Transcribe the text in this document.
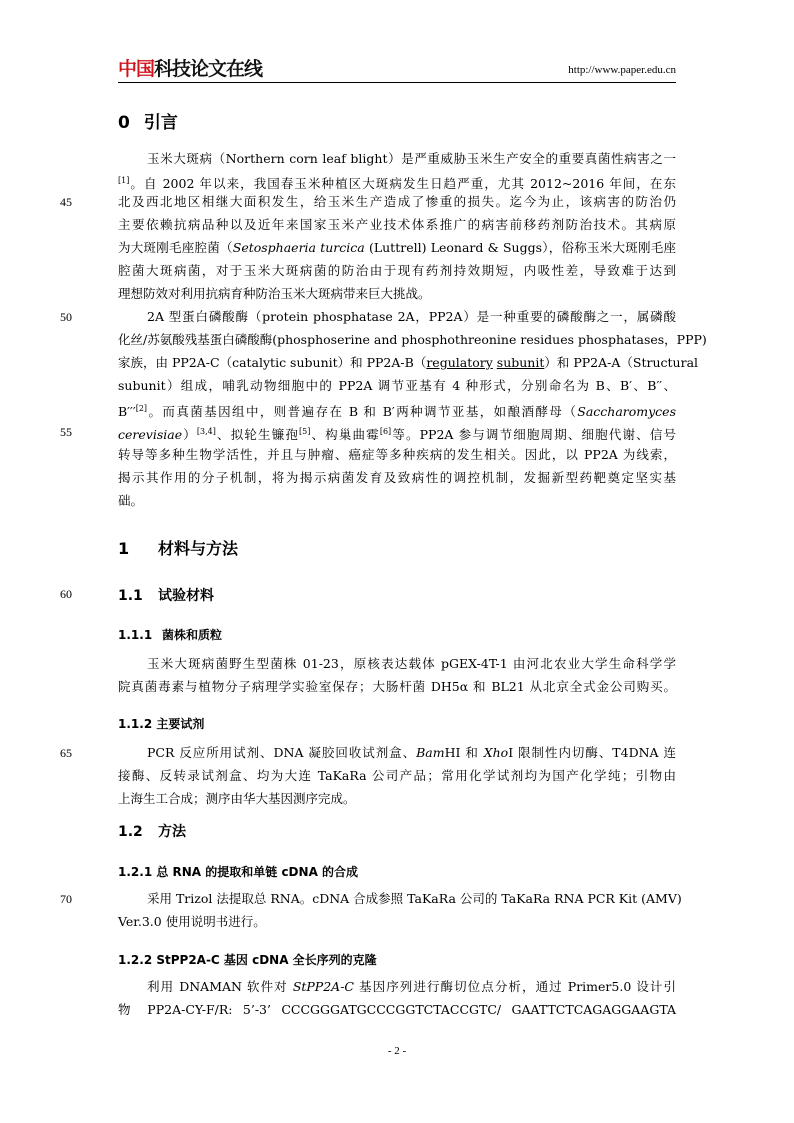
中国科技论文在线	http://www.paper.edu.cn
0 引言
玉米大斑病（Northern corn leaf blight）是严重威胁玉米生产安全的重要真菌性病害之一
[1]。自 2002 年以来，我国春玉米种植区大斑病发生日趋严重，尤其 2012~2016 年间，在东
北及西北地区相继大面积发生，给玉米生产造成了惨重的损失。迄今为止，该病害的防治仍
主要依赖抗病品种以及近年来国家玉米产业技术体系推广的病害前移药剂防治技术。其病原
为大斑刚毛座腔菌（Setosphaeria turcica (Luttrell) Leonard & Suggs），俗称玉米大斑刚毛座
腔菌大斑病菌，对于玉米大斑病菌的防治由于现有药剂持效期短，内吸性差，导致难于达到
理想防效对利用抗病育种防治玉米大斑病带来巨大挑战。
2A 型蛋白磷酸酶（protein phosphatase 2A，PP2A）是一种重要的磷酸酶之一，属磷酸
化丝/苏氨酸残基蛋白磷酸酶(phosphoserine and phosphothreonine residues phosphatases，PPP)
家族，由 PP2A-C（catalytic subunit）和 PP2A-B（regulatory subunit）和 PP2A-A（Structural
subunit）组成，哺乳动物细胞中的 PP2A 调节亚基有 4 种形式，分别命名为 B、B′、B′′、
B′′′[2]。而真菌基因组中，则普遍存在 B 和 B′两种调节亚基，如酿酒酵母（Saccharomyces
cerevisiae）[3,4]、拟轮生镰孢[5]、构巢曲霉[6]等。PP2A 参与调节细胞周期、细胞代谢、信号
转导等多种生物学活性，并且与肿瘤、癌症等多种疾病的发生相关。因此，以 PP2A 为线索，
揭示其作用的分子机制，将为揭示病菌发育及致病性的调控机制，发掘新型药靶奠定坚实基
础。
1 材料与方法
1.1 试验材料
1.1.1 菌株和质粒
玉米大斑病菌野生型菌株 01-23，原核表达载体 pGEX-4T-1 由河北农业大学生命科学学
院真菌毒素与植物分子病理学实验室保存；大肠杆菌 DH5α 和 BL21 从北京全式金公司购买。
1.1.2 主要试剂
PCR 反应所用试剂、DNA 凝胶回收试剂盒、BamHI 和 XhoI 限制性内切酶、T4DNA 连
接酶、反转录试剂盒、均为大连 TaKaRa 公司产品；常用化学试剂均为国产化学纯；引物由
上海生工合成；测序由华大基因测序完成。
1.2 方法
1.2.1 总 RNA 的提取和单链 cDNA 的合成
采用 Trizol 法提取总 RNA。cDNA 合成参照 TaKaRa 公司的 TaKaRa RNA PCR Kit (AMV)
Ver.3.0 使用说明书进行。
1.2.2 StPP2A-C 基因 cDNA 全长序列的克隆
利用 DNAMAN 软件对 StPP2A-C 基因序列进行酶切位点分析，通过 Primer5.0 设计引
物 PP2A-CY-F/R: 5’-3’ CCCGGGATGCCCGGTCTACCGTC/ GAATTCTCAGAGGAAGTA
45
50
55
60
65
70
- 2 -
